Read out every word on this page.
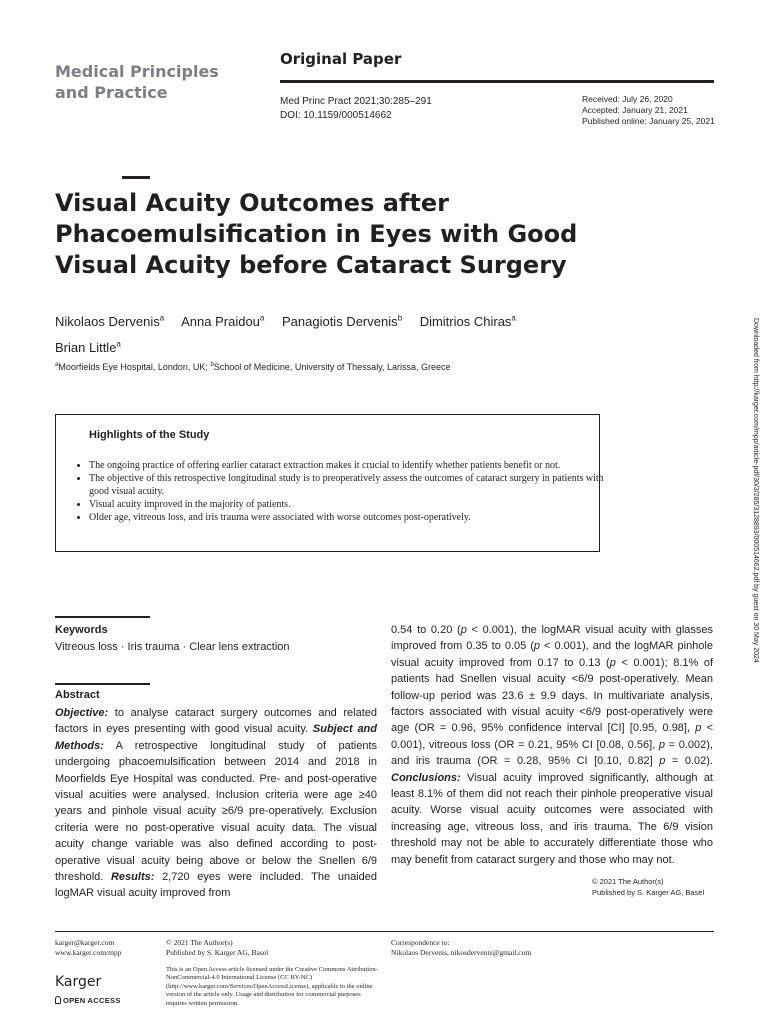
Medical Principles
and Practice
Original Paper
Med Princ Pract 2021;30:285–291
DOI: 10.1159/000514662
Received: July 26, 2020
Accepted: January 21, 2021
Published online: January 25, 2021
Visual Acuity Outcomes after
Phacoemulsification in Eyes with Good
Visual Acuity before Cataract Surgery
Nikolaos Dervenis$^a$ Anna Praidou$^a$ Panagiotis Dervenis$^b$ Dimitrios Chiras$^a$
Brian Little$^a$
$^a$Moorfields Eye Hospital, London, UK; $^b$School of Medicine, University of Thessaly, Larissa, Greece
Highlights of the Study
• The ongoing practice of offering earlier cataract extraction makes it crucial to identify whether patients benefit or not.
• The objective of this retrospective longitudinal study is to preoperatively assess the outcomes of cataract surgery in patients with good visual acuity.
• Visual acuity improved in the majority of patients.
• Older age, vitreous loss, and iris trauma were associated with worse outcomes post-operatively.
Keywords
Vitreous loss · Iris trauma · Clear lens extraction
Abstract

Objective: to analyse cataract surgery outcomes and related factors in eyes presenting with good visual acuity. Subject and Methods: A retrospective longitudinal study of patients undergoing phacoemulsification between 2014 and 2018 in Moorfields Eye Hospital was conducted. Pre- and post-operative visual acuities were analysed. Inclusion criteria were age ≥40 years and pinhole visual acuity ≥6/9 pre-operatively. Exclusion criteria were no post-operative visual acuity data. The visual acuity change variable was also defined according to post-operative visual acuity being above or below the Snellen 6/9 threshold. Results: 2,720 eyes were included. The unaided logMAR visual acuity improved from

0.54 to 0.20 (p < 0.001), the logMAR visual acuity with glasses improved from 0.35 to 0.05 (p < 0.001), and the logMAR pinhole visual acuity improved from 0.17 to 0.13 (p < 0.001); 8.1% of patients had Snellen visual acuity <6/9 post-operatively. Mean follow-up period was 23.6 ± 9.9 days. In multivariate analysis, factors associated with visual acuity <6/9 post-operatively were age (OR = 0.96, 95% confidence interval [CI] [0.95, 0.98], p < 0.001), vitreous loss (OR = 0.21, 95% CI [0.08, 0.56], p = 0.002), and iris trauma (OR = 0.28, 95% CI [0.10, 0.82] p = 0.02). Conclusions: Visual acuity improved significantly, although at least 8.1% of them did not reach their pinhole preoperative visual acuity. Worse visual acuity outcomes were associated with increasing age, vitreous loss, and iris trauma. The 6/9 vision threshold may not be able to accurately differentiate those who may benefit from cataract surgery and those who may not.

© 2021 The Author(s)
Published by S. Karger AG, Basel
Downloaded from http://karger.com/mpp/article-pdf/30/3/285/3128893/000514662.pdf by guest on 30 May 2024
karger@karger.com
www.karger.com/mpp
Karger
OPEN ACCESS
© 2021 The Author(s)
Published by S. Karger AG, Basel
This is an Open Access article licensed under the Creative Commons Attribution-NonCommercial-4.0 International License (CC BY-NC) (http://www.karger.com/Services/OpenAccessLicense), applicable to the online version of the article only. Usage and distribution for commercial purposes requires written permission.
Correspondence to:
Nikolaos Dervenis, nikosdervenis@gmail.com
